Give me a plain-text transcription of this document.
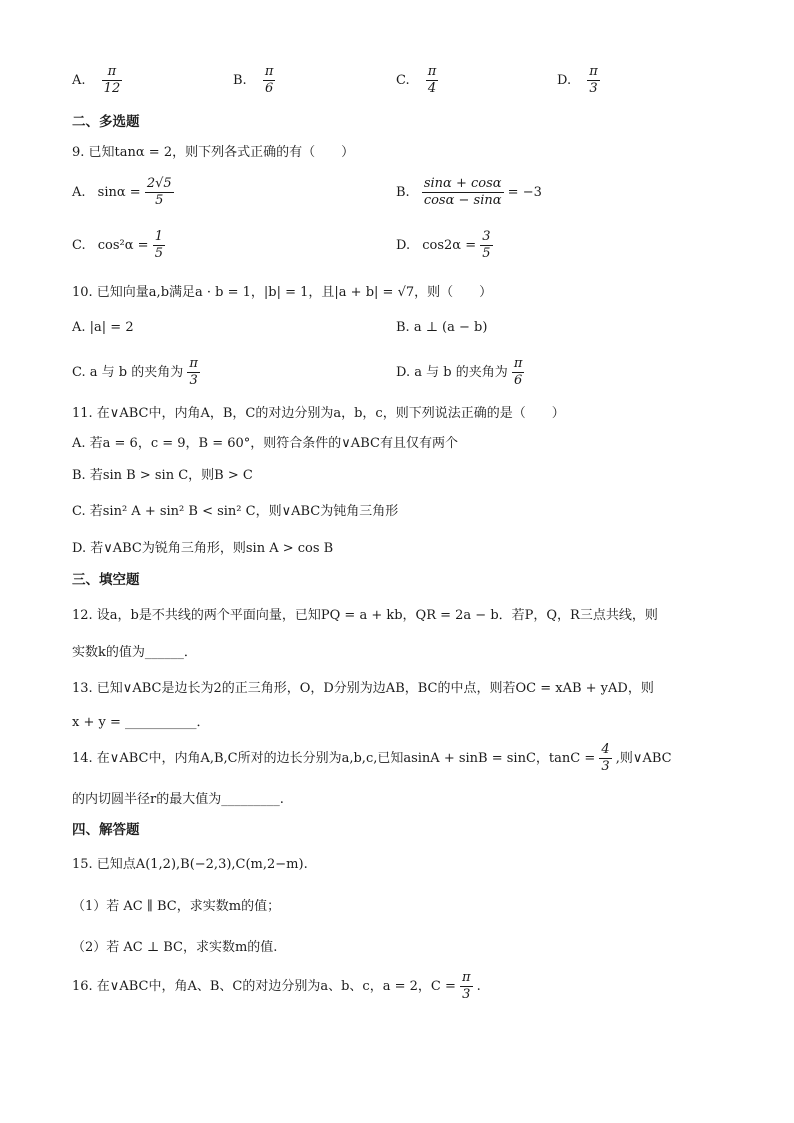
A. $\frac{\pi}{12}$	B. $\frac{\pi}{6}$	C. $\frac{\pi}{4}$	D. $\frac{\pi}{3}$
二、多选题
9. 已知tanα = 2，则下列各式正确的有（　　）
A. $\sin\alpha = \frac{2√5}{5}$	B. $\frac{\sin\alpha + \cos\alpha}{\cos\alpha - \sin\alpha} = -3$
C. $\cos^2\alpha = \frac{1}{5}$	D. $\cos 2\alpha = \frac{3}{5}$
10. 已知向量a,b满足a · b = 1，|b| = 1，且|a + b| = √7，则（　　）
A. |a| = 2	B. a ⊥ (a − b)
C. a 与 b 的夹角为 $\frac{\pi}{3}$	D. a 与 b 的夹角为 $\frac{\pi}{6}$
11. 在∨ABC中，内角A，B，C的对边分别为a，b，c，则下列说法正确的是（　　）
A. 若a = 6，c = 9，B = 60°，则符合条件的∨ABC有且仅有两个
B. 若sin B > sin C，则B > C
C. 若sin² A + sin² B < sin² C，则∨ABC为钝角三角形
D. 若∨ABC为锐角三角形，则sin A > cos B
三、填空题
12. 设a，b是不共线的两个平面向量，已知PQ = a + kb，QR = 2a − b．若P，Q，R三点共线，则
实数k的值为______．
13. 已知∨ABC是边长为2的正三角形，O，D分别为边AB，BC的中点，则若OC = xAB + yAD，则
x + y = ___________．
14. 在∨ABC中，内角A,B,C所对的边长分别为a,b,c,已知asinA + sinB = sinC，$\tan C = \frac{4}{3}$ ,则∨ABC
的内切圆半径r的最大值为_________.
四、解答题
15. 已知点A(1,2),B(−2,3),C(m,2−m).
（1）若 AC ∥ BC，求实数m的值；
（2）若 AC ⊥ BC，求实数m的值.
16. 在∨ABC中，角A、B、C的对边分别为a、b、c，a = 2，$C = \frac{\pi}{3}$ .
